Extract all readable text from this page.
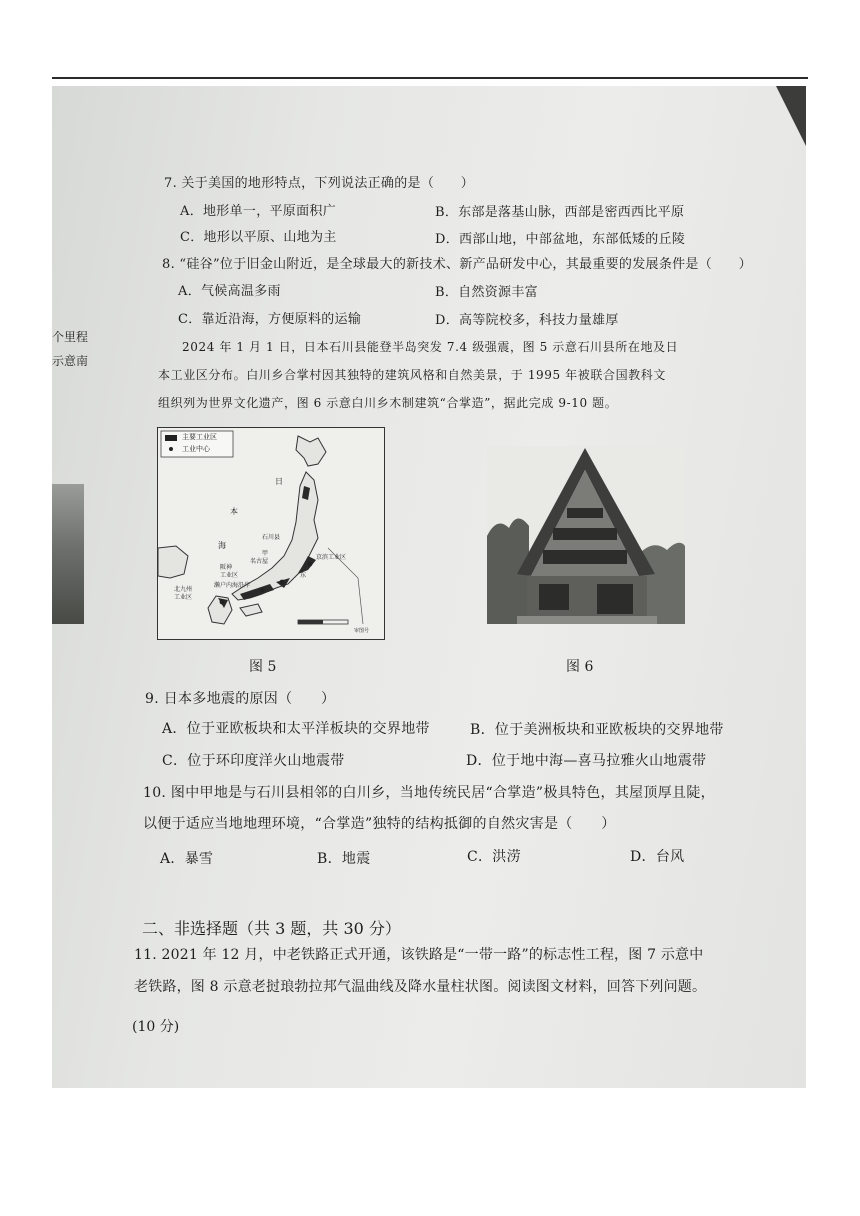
个里程
示意南
7. 关于美国的地形特点，下列说法正确的是（　　）
A．地形单一，平原面积广	B．东部是落基山脉，西部是密西西比平原
C．地形以平原、山地为主	D．西部山地，中部盆地，东部低矮的丘陵
8. “硅谷”位于旧金山附近，是全球最大的新技术、新产品研发中心，其最重要的发展条件是（　　）
A．气候高温多雨	B．自然资源丰富
C．靠近沿海，方便原料的运输	D．高等院校多，科技力量雄厚
2024 年 1 月 1 日，日本石川县能登半岛突发 7.4 级强震，图 5 示意石川县所在地及日
本工业区分布。白川乡合掌村因其独特的建筑风格和自然美景，于 1995 年被联合国教科文
组织列为世界文化遗产，图 6 示意白川乡木制建筑“合掌造”，据此完成 9-10 题。
主要工业区
工业中心
日
本
海
石川县
名古屋
甲
京滨工业区
东
阪神
工业区
濑户内海沿岸
北九州
工业区
审图号
图 5	图 6
9. 日本多地震的原因（　　）
A．位于亚欧板块和太平洋板块的交界地带	B．位于美洲板块和亚欧板块的交界地带
C．位于环印度洋火山地震带	D．位于地中海—喜马拉雅火山地震带
10. 图中甲地是与石川县相邻的白川乡，当地传统民居“合掌造”极具特色，其屋顶厚且陡，
以便于适应当地地理环境，“合掌造”独特的结构抵御的自然灾害是（　　）
A．暴雪	B．地震	C．洪涝	D．台风
二、非选择题（共 3 题，共 30 分）
11. 2021 年 12 月，中老铁路正式开通，该铁路是“一带一路”的标志性工程，图 7 示意中
老铁路，图 8 示意老挝琅勃拉邦气温曲线及降水量柱状图。阅读图文材料，回答下列问题。
(10 分)
